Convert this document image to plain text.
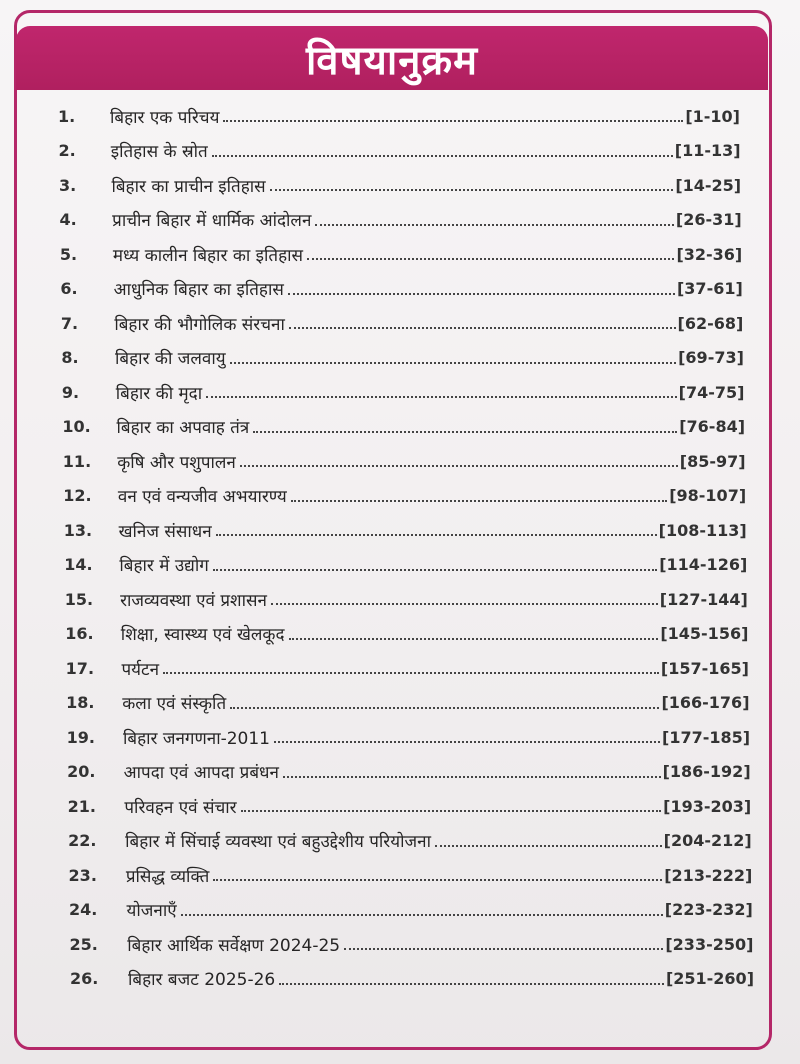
विषयानुक्रम
1.	बिहार एक परिचय	[1-10]
2.	इतिहास के स्रोत	[11-13]
3.	बिहार का प्राचीन इतिहास	[14-25]
4.	प्राचीन बिहार में धार्मिक आंदोलन	[26-31]
5.	मध्य कालीन बिहार का इतिहास	[32-36]
6.	आधुनिक बिहार का इतिहास	[37-61]
7.	बिहार की भौगोलिक संरचना	[62-68]
8.	बिहार की जलवायु	[69-73]
9.	बिहार की मृदा	[74-75]
10.	बिहार का अपवाह तंत्र	[76-84]
11.	कृषि और पशुपालन	[85-97]
12.	वन एवं वन्यजीव अभयारण्य	[98-107]
13.	खनिज संसाधन	[108-113]
14.	बिहार में उद्योग	[114-126]
15.	राजव्यवस्था एवं प्रशासन	[127-144]
16.	शिक्षा, स्वास्थ्य एवं खेलकूद	[145-156]
17.	पर्यटन	[157-165]
18.	कला एवं संस्कृति	[166-176]
19.	बिहार जनगणना-2011	[177-185]
20.	आपदा एवं आपदा प्रबंधन	[186-192]
21.	परिवहन एवं संचार	[193-203]
22.	बिहार में सिंचाई व्यवस्था एवं बहुउद्देशीय परियोजना	[204-212]
23.	प्रसिद्ध व्यक्ति	[213-222]
24.	योजनाएँ	[223-232]
25.	बिहार आर्थिक सर्वेक्षण 2024-25	[233-250]
26.	बिहार बजट 2025-26	[251-260]
